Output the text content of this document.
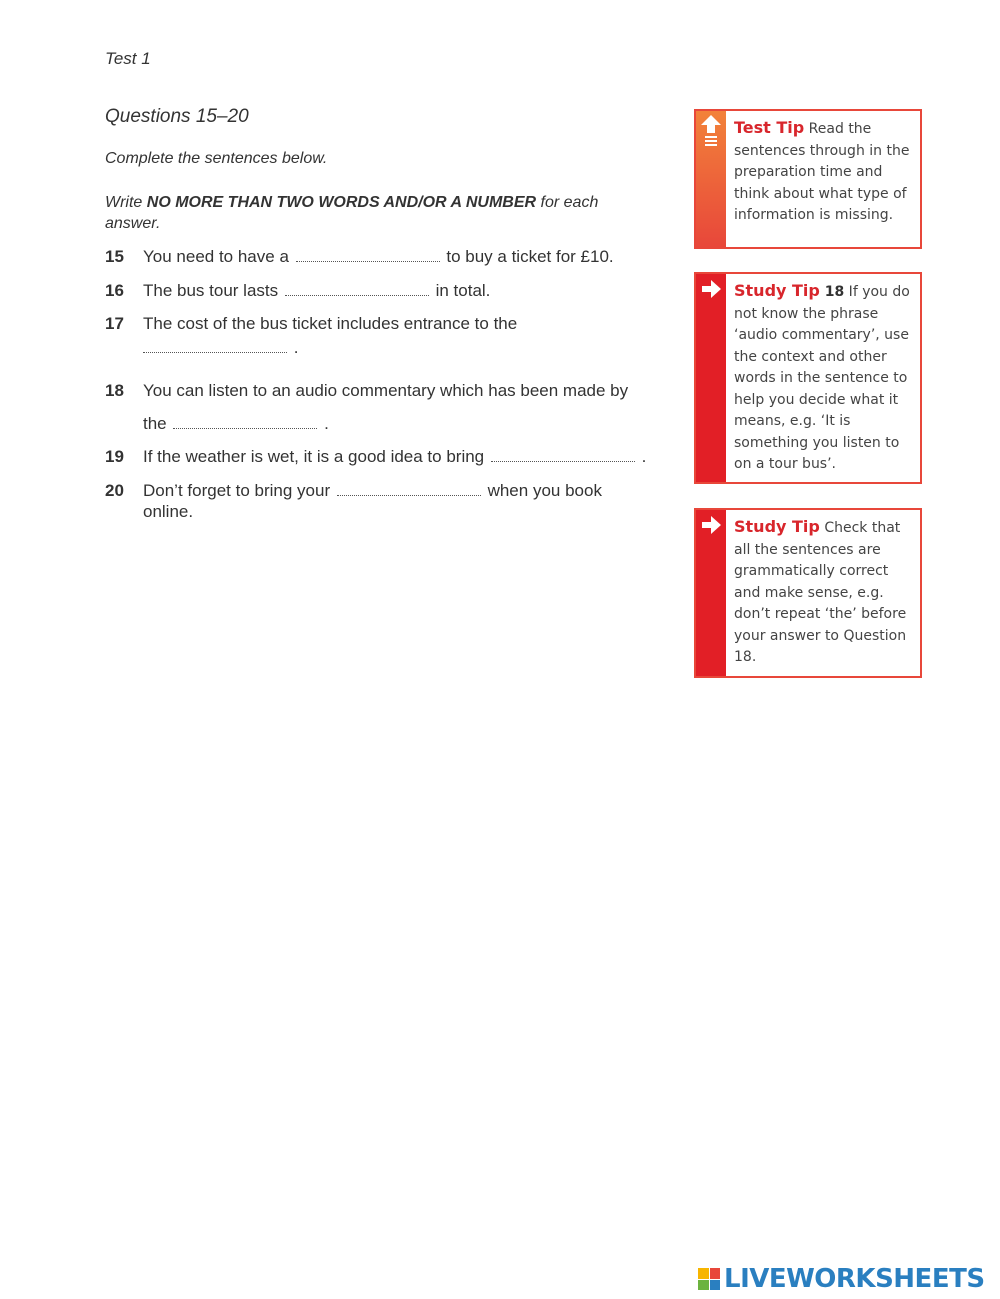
Test 1
Questions 15–20
Complete the sentences below.
Write NO MORE THAN TWO WORDS AND/OR A NUMBER for each answer.
15	You need to have a	to buy a ticket for £10.
16	The bus tour lasts	in total.
17	The cost of the bus ticket includes entrance to the
.
18	You can listen to an audio commentary which has been made by
the	.
19	If the weather is wet, it is a good idea to bring	.
20	Don’t forget to bring your	when you book
online.
Test Tip Read the sentences through in the preparation time and think about what type of information is missing.
Study Tip 18 If you do not know the phrase ‘audio commentary’, use the context and other words in the sentence to help you decide what it means, e.g. ‘It is something you listen to on a tour bus’.
Study Tip Check that all the sentences are grammatically correct and make sense, e.g. don’t repeat ‘the’ before your answer to Question 18.
LIVEWORKSHEETS
